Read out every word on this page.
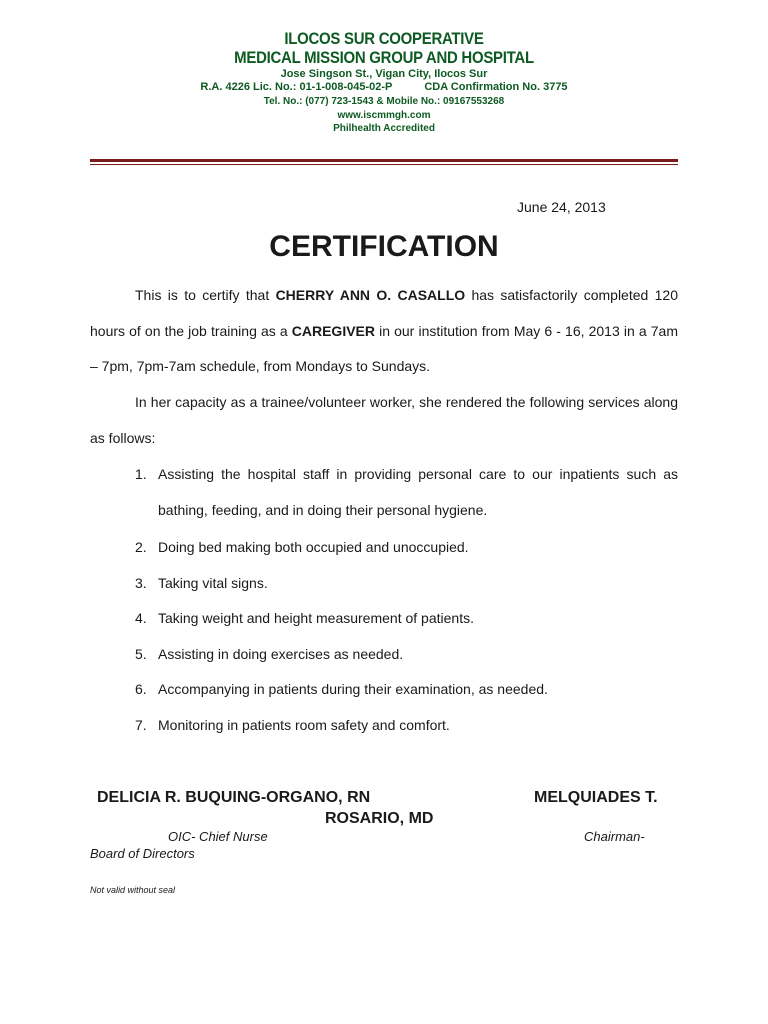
ILOCOS SUR COOPERATIVE
MEDICAL MISSION GROUP AND HOSPITAL
Jose Singson St., Vigan City, Ilocos Sur
R.A. 4226 Lic. No.: 01-1-008-045-02-P	CDA Confirmation No. 3775
Tel. No.: (077) 723-1543 & Mobile No.: 09167553268
www.iscmmgh.com
Philhealth Accredited
June 24, 2013
CERTIFICATION

This is to certify that CHERRY ANN O. CASALLO has satisfactorily completed 120 hours of on the job training as a CAREGIVER in our institution from May 6 - 16, 2013 in a 7am – 7pm, 7pm-7am schedule, from Mondays to Sundays.

In her capacity as a trainee/volunteer worker, she rendered the following services along as follows:

1. Assisting the hospital staff in providing personal care to our inpatients such as bathing, feeding, and in doing their personal hygiene.
2. Doing bed making both occupied and unoccupied.
3. Taking vital signs.
4. Taking weight and height measurement of patients.
5. Assisting in doing exercises as needed.
6. Accompanying in patients during their examination, as needed.
7. Monitoring in patients room safety and comfort.
DELICIA R. BUQUING-ORGANO, RN	MELQUIADES T.
ROSARIO, MD
OIC- Chief Nurse	Chairman-
Board of Directors
Not valid without seal
